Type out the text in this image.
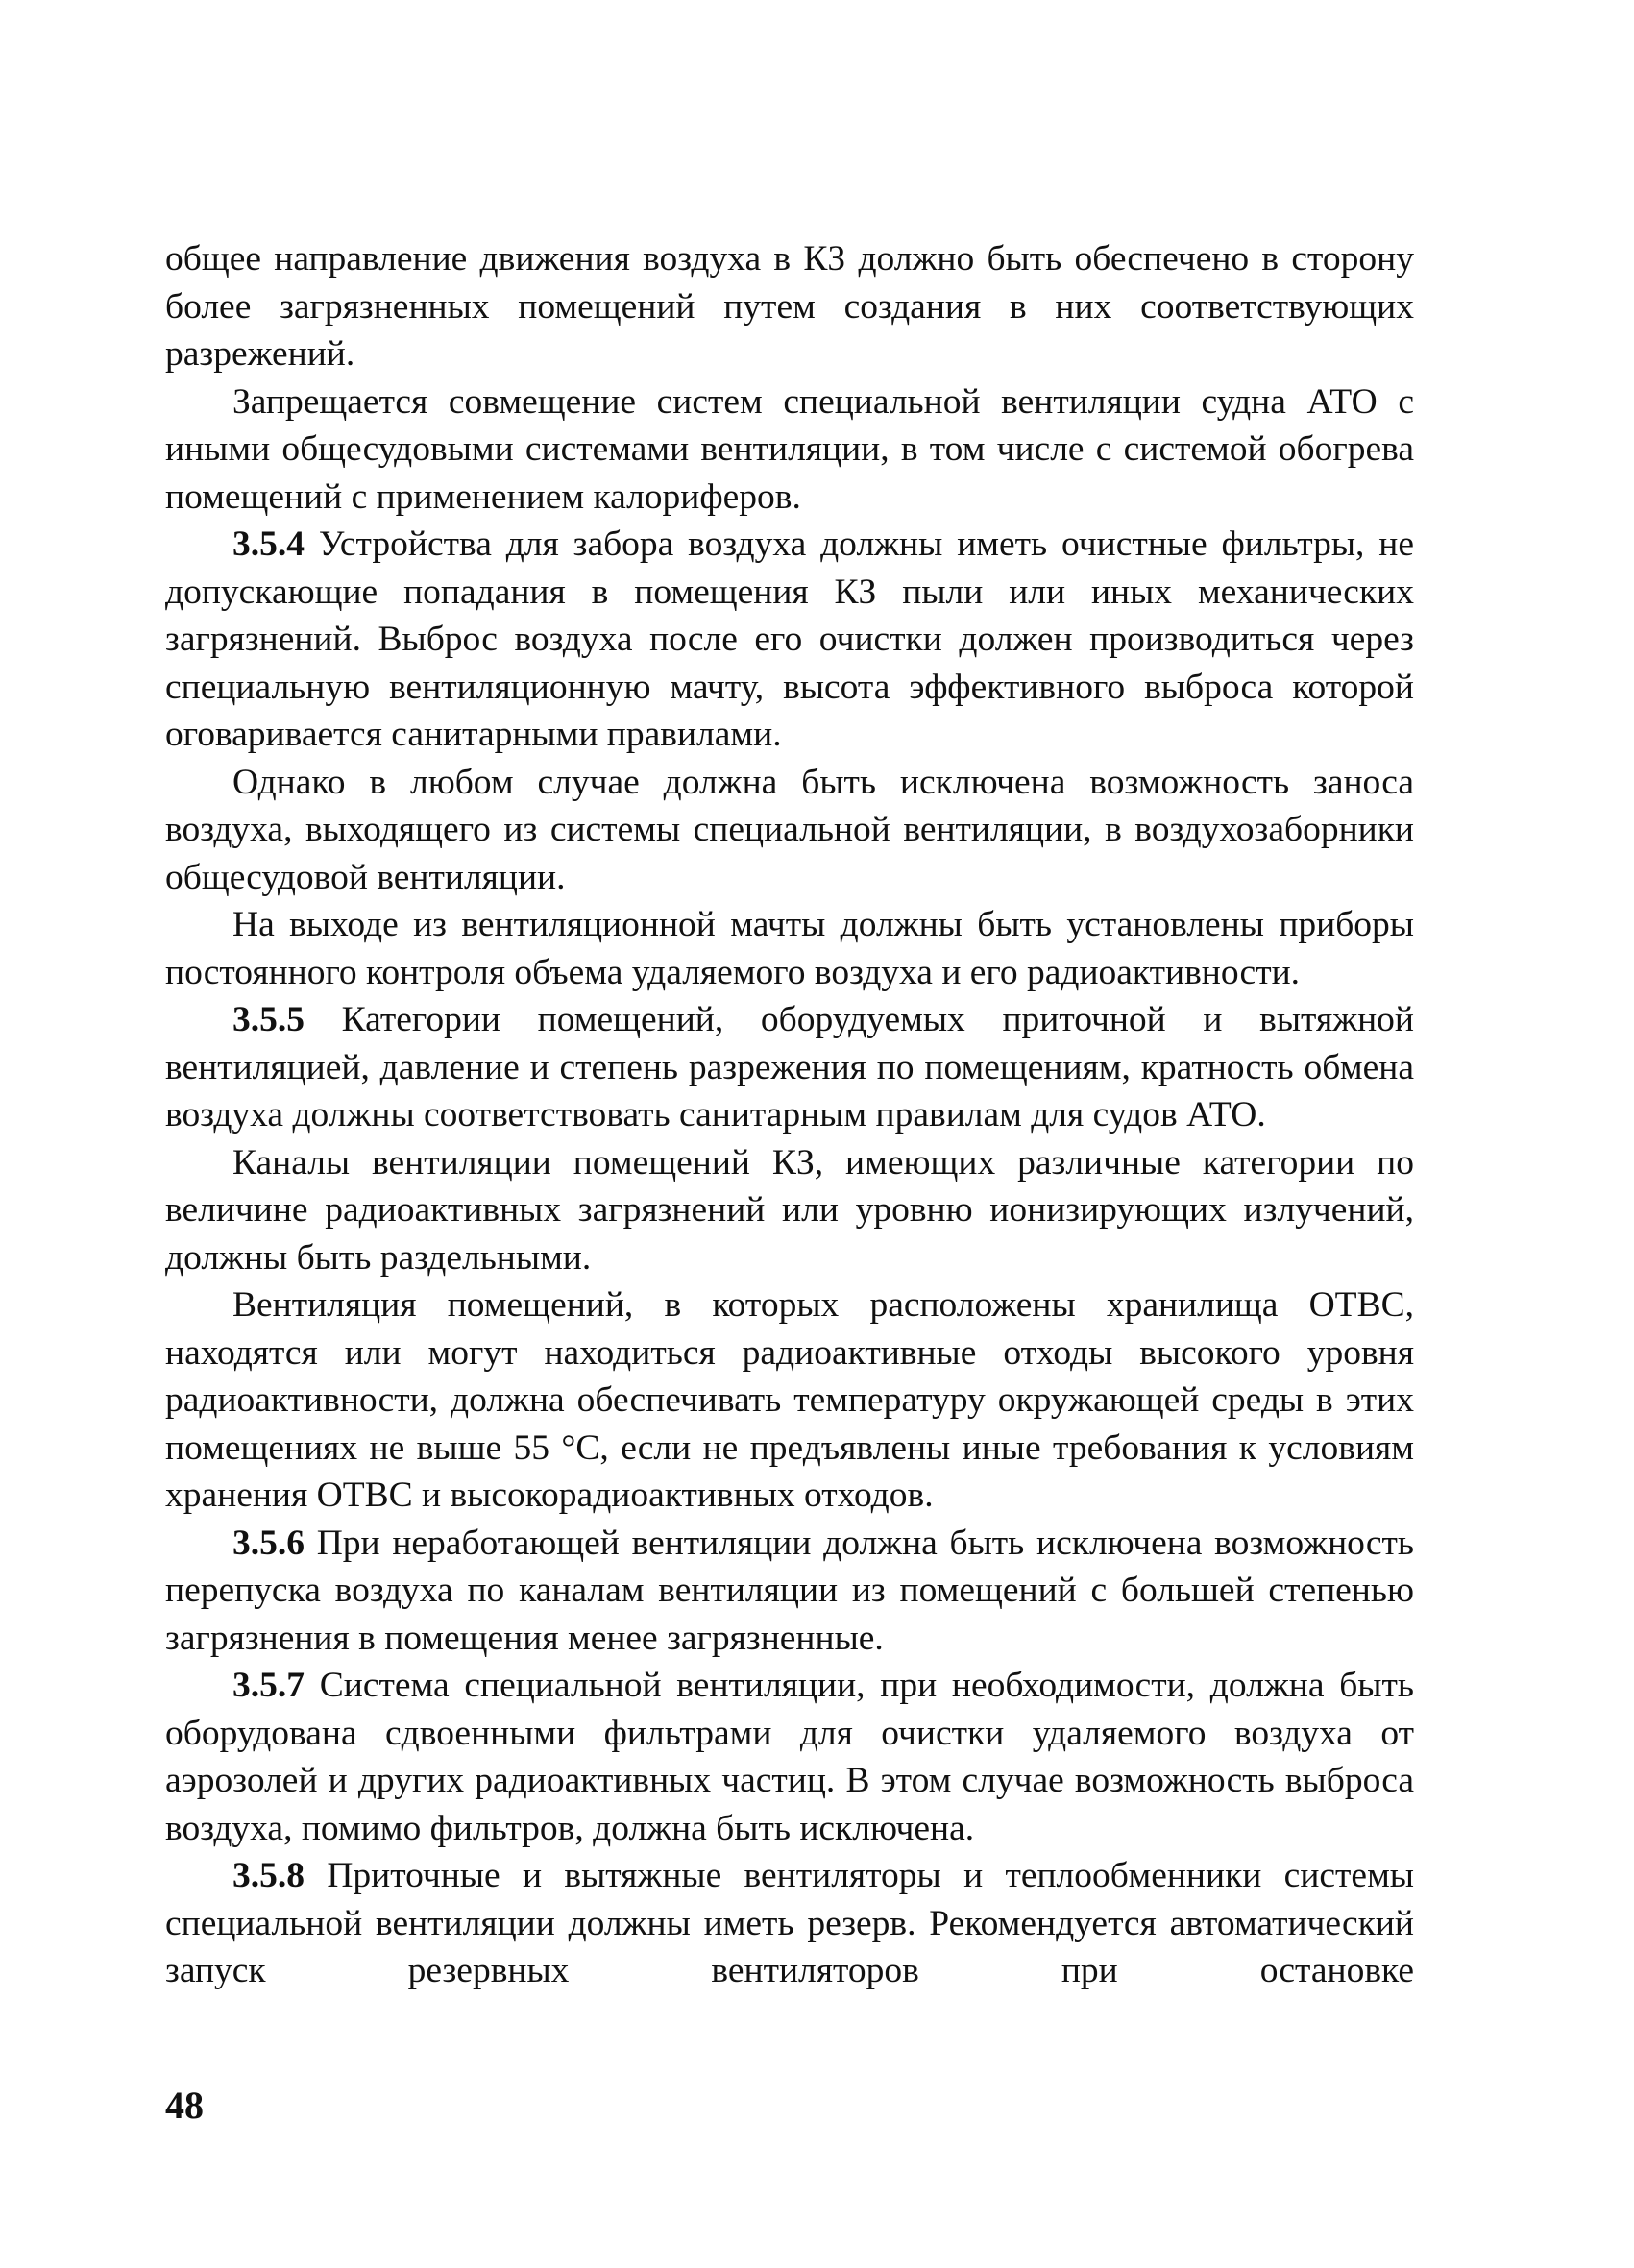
общее направление движения воздуха в КЗ должно быть обеспечено в сторону более загрязненных помещений путем создания в них соответствующих разрежений.

Запрещается совмещение систем специальной вентиляции судна АТО с иными общесудовыми системами вентиляции, в том числе с системой обогрева помещений с применением калориферов.

3.5.4 Устройства для забора воздуха должны иметь очистные фильтры, не допускающие попадания в помещения КЗ пыли или иных механических загрязнений. Выброс воздуха после его очистки должен производиться через специальную вентиляционную мачту, высота эффективного выброса которой оговаривается санитарными правилами.

Однако в любом случае должна быть исключена возможность заноса воздуха, выходящего из системы специальной вентиляции, в воздухозаборники общесудовой вентиляции.

На выходе из вентиляционной мачты должны быть установлены приборы постоянного контроля объема удаляемого воздуха и его радиоактивности.

3.5.5 Категории помещений, оборудуемых приточной и вытяжной вентиляцией, давление и степень разрежения по помещениям, кратность обмена воздуха должны соответствовать санитарным правилам для судов АТО.

Каналы вентиляции помещений КЗ, имеющих различные категории по величине радиоактивных загрязнений или уровню ионизирующих излучений, должны быть раздельными.

Вентиляция помещений, в которых расположены хранилища ОТВС, находятся или могут находиться радиоактивные отходы высокого уровня радиоактивности, должна обеспечивать температуру окружающей среды в этих помещениях не выше 55 °С, если не предъявлены иные требования к условиям хранения ОТВС и высокорадиоактивных отходов.

3.5.6 При неработающей вентиляции должна быть исключена возможность перепуска воздуха по каналам вентиляции из помещений с большей степенью загрязнения в помещения менее загрязненные.

3.5.7 Система специальной вентиляции, при необходимости, должна быть оборудована сдвоенными фильтрами для очистки удаляемого воздуха от аэрозолей и других радиоактивных частиц. В этом случае возможность выброса воздуха, помимо фильтров, должна быть исключена.

3.5.8 Приточные и вытяжные вентиляторы и теплообменники системы специальной вентиляции должны иметь резерв. Рекомендуется автоматический запуск резервных вентиляторов при остановке

48
